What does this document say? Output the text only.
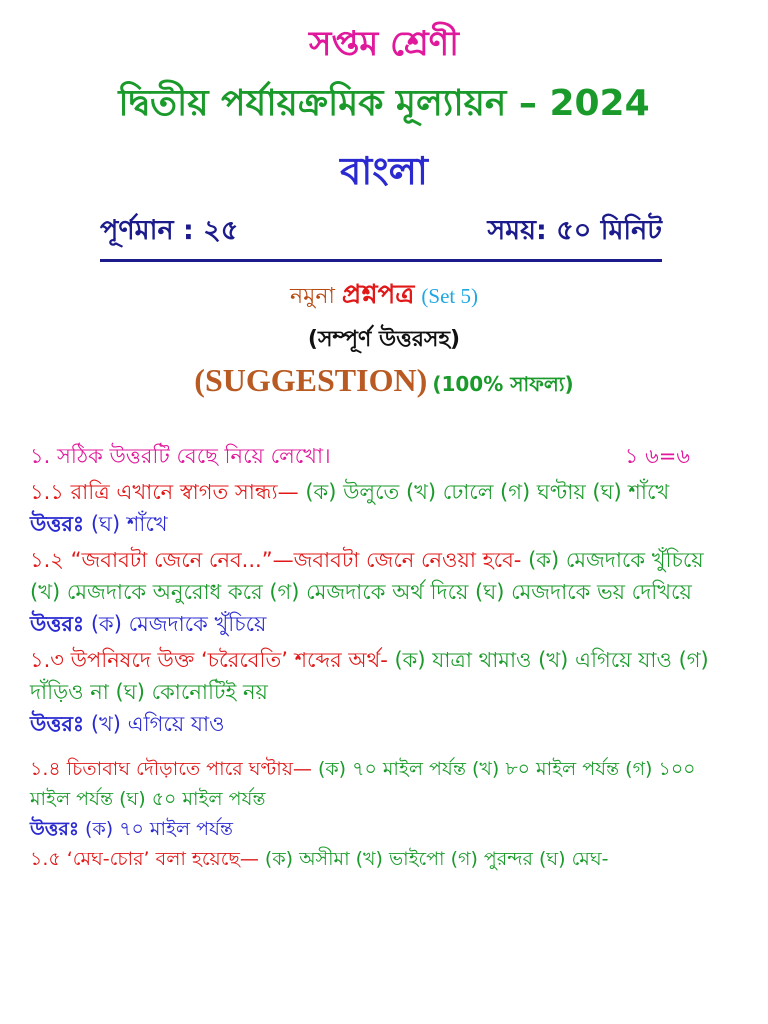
সপ্তম শ্রেণী
দ্বিতীয় পর্যায়ক্রমিক মূল্যায়ন – 2024
বাংলা
পূর্ণমান : ২৫	সময়: ৫০ মিনিট
নমুনা প্রশ্নপত্র (Set 5)
(সম্পূর্ণ উত্তরসহ)
(SUGGESTION) (100% সাফল্য)
১. সঠিক উত্তরটি বেছে নিয়ে লেখো।	১ ৬=৬
১.১ রাত্রি এখানে স্বাগত সান্ধ্য— (ক) উলুতে (খ) ঢোলে (গ) ঘণ্টায় (ঘ) শাঁখে
উত্তরঃ (ঘ) শাঁখে
১.২ “জবাবটা জেনে নেব...”—জবাবটা জেনে নেওয়া হবে- (ক) মেজদাকে খুঁচিয়ে (খ) মেজদাকে অনুরোধ করে (গ) মেজদাকে অর্থ দিয়ে (ঘ) মেজদাকে ভয় দেখিয়ে
উত্তরঃ (ক) মেজদাকে খুঁচিয়ে
১.৩ উপনিষদে উক্ত ‘চরৈবেতি’ শব্দের অর্থ- (ক) যাত্রা থামাও (খ) এগিয়ে যাও (গ) দাঁড়িও না (ঘ) কোনোটিই নয়
উত্তরঃ (খ) এগিয়ে যাও
১.৪ চিতাবাঘ দৌড়াতে পারে ঘণ্টায়— (ক) ৭০ মাইল পর্যন্ত (খ) ৮০ মাইল পর্যন্ত (গ) ১০০ মাইল পর্যন্ত (ঘ) ৫০ মাইল পর্যন্ত
উত্তরঃ (ক) ৭০ মাইল পর্যন্ত
১.৫ ‘মেঘ-চোর’ বলা হয়েছে— (ক) অসীমা (খ) ভাইপো (গ) পুরন্দর (ঘ) মেঘ-
